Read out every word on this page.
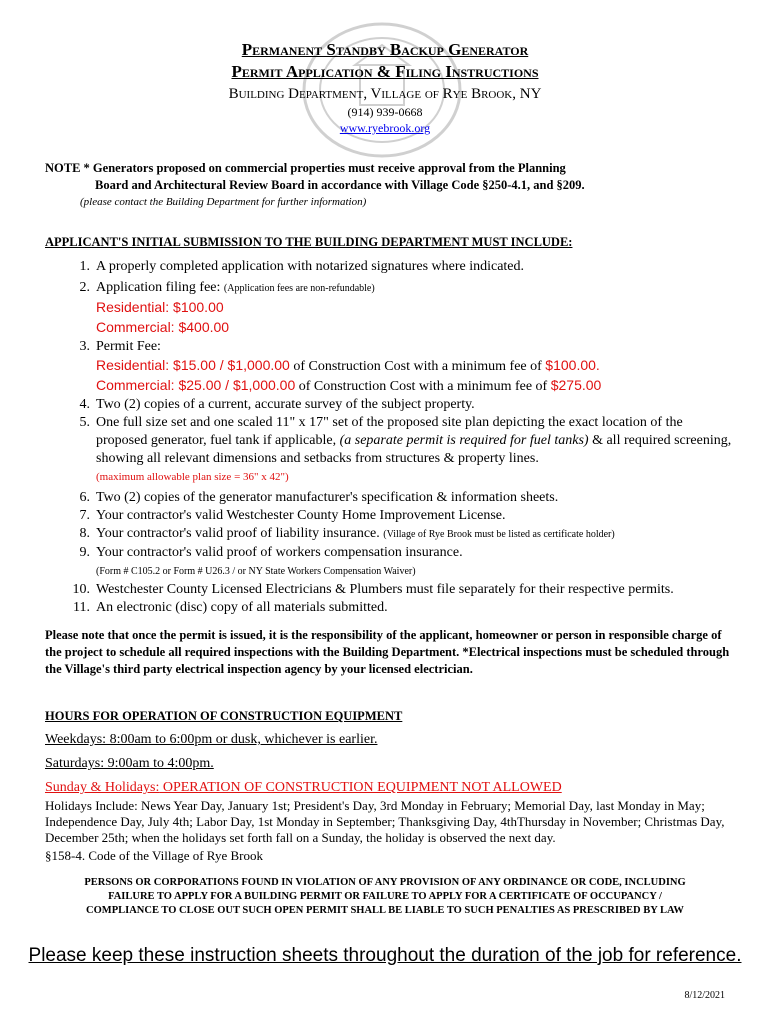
Permanent Standby Backup Generator
Permit Application & Filing Instructions
Building Department, Village of Rye Brook, NY
(914) 939-0668
www.ryebrook.org
NOTE * Generators proposed on commercial properties must receive approval from the Planning

Board and Architectural Review Board in accordance with Village Code §250-4.1, and §209.
(please contact the Building Department for further information)
APPLICANT'S INITIAL SUBMISSION TO THE BUILDING DEPARTMENT MUST INCLUDE:
1. A properly completed application with notarized signatures where indicated.
2. Application filing fee: (Application fees are non-refundable)
Residential: $100.00
Commercial: $400.00
3. Permit Fee:
Residential: $15.00 / $1,000.00 of Construction Cost with a minimum fee of $100.00.
Commercial: $25.00 / $1,000.00 of Construction Cost with a minimum fee of $275.00
4. Two (2) copies of a current, accurate survey of the subject property.
5. One full size set and one scaled 11" x 17" set of the proposed site plan depicting the exact location of the proposed generator, fuel tank if applicable, (a separate permit is required for fuel tanks) & all required screening, showing all relevant dimensions and setbacks from structures & property lines.
(maximum allowable plan size = 36" x 42")
6. Two (2) copies of the generator manufacturer's specification & information sheets.
7. Your contractor's valid Westchester County Home Improvement License.
8. Your contractor's valid proof of liability insurance. (Village of Rye Brook must be listed as certificate holder)
9. Your contractor's valid proof of workers compensation insurance.
(Form # C105.2 or Form # U26.3 / or NY State Workers Compensation Waiver)
10. Westchester County Licensed Electricians & Plumbers must file separately for their respective permits.
11. An electronic (disc) copy of all materials submitted.
Please note that once the permit is issued, it is the responsibility of the applicant, homeowner or person in responsible charge of the project to schedule all required inspections with the Building Department. *Electrical inspections must be scheduled through the Village's third party electrical inspection agency by your licensed electrician.
HOURS FOR OPERATION OF CONSTRUCTION EQUIPMENT
Weekdays: 8:00am to 6:00pm or dusk, whichever is earlier.
Saturdays: 9:00am to 4:00pm.
Sunday & Holidays: OPERATION OF CONSTRUCTION EQUIPMENT NOT ALLOWED
Holidays Include: News Year Day, January 1st; President's Day, 3rd Monday in February; Memorial Day, last Monday in May; Independence Day, July 4th; Labor Day, 1st Monday in September; Thanksgiving Day, 4thThursday in November; Christmas Day, December 25th; when the holidays set forth fall on a Sunday, the holiday is observed the next day.
§158-4. Code of the Village of Rye Brook
PERSONS OR CORPORATIONS FOUND IN VIOLATION OF ANY PROVISION OF ANY ORDINANCE OR CODE, INCLUDING
FAILURE TO APPLY FOR A BUILDING PERMIT OR FAILURE TO APPLY FOR A CERTIFICATE OF OCCUPANCY /
COMPLIANCE TO CLOSE OUT SUCH OPEN PERMIT SHALL BE LIABLE TO SUCH PENALTIES AS PRESCRIBED BY LAW
Please keep these instruction sheets throughout the duration of the job for reference.
8/12/2021
